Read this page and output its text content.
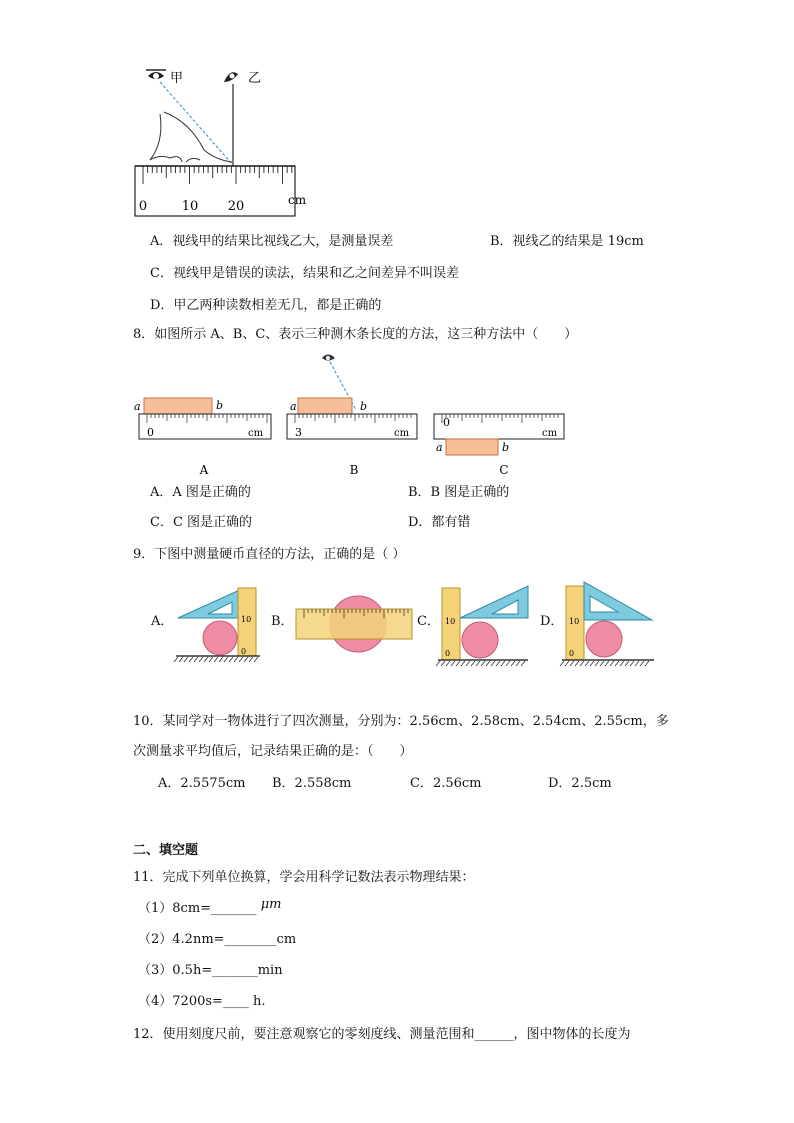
甲	乙
0	10 20	cm
A．视线甲的结果比视线乙大，是测量误差	B．视线乙的结果是 19cm
C．视线甲是错误的读法，结果和乙之间差异不叫误差
D．甲乙两种读数相差无几，都是正确的
8．如图所示 A、B、C、表示三种测木条长度的方法，这三种方法中（　　）
a	b
0	cm
A
a	b
3	cm
B
0
cm
a	b
C
A．A 图是正确的	B．B 图是正确的
C．C 图是正确的	D．都有错
9．下图中测量硬币直径的方法，正确的是（ ）
A．	B．	C．	D．
10
0
10
0
10
0
10．某同学对一物体进行了四次测量，分别为：2.56cm、2.58cm、2.54cm、2.55cm，多
次测量求平均值后，记录结果正确的是：（　　）
A．2.5575cm B．2.558cm	C．2.56cm	D．2.5cm
二、填空题
11．完成下列单位换算，学会用科学记数法表示物理结果：
（1）8cm=_______ μm
（2）4.2nm=________cm
（3）0.5h=_______min
（4）7200s=____ h.
12．使用刻度尺前，要注意观察它的零刻度线、测量范围和______，图中物体的长度为
